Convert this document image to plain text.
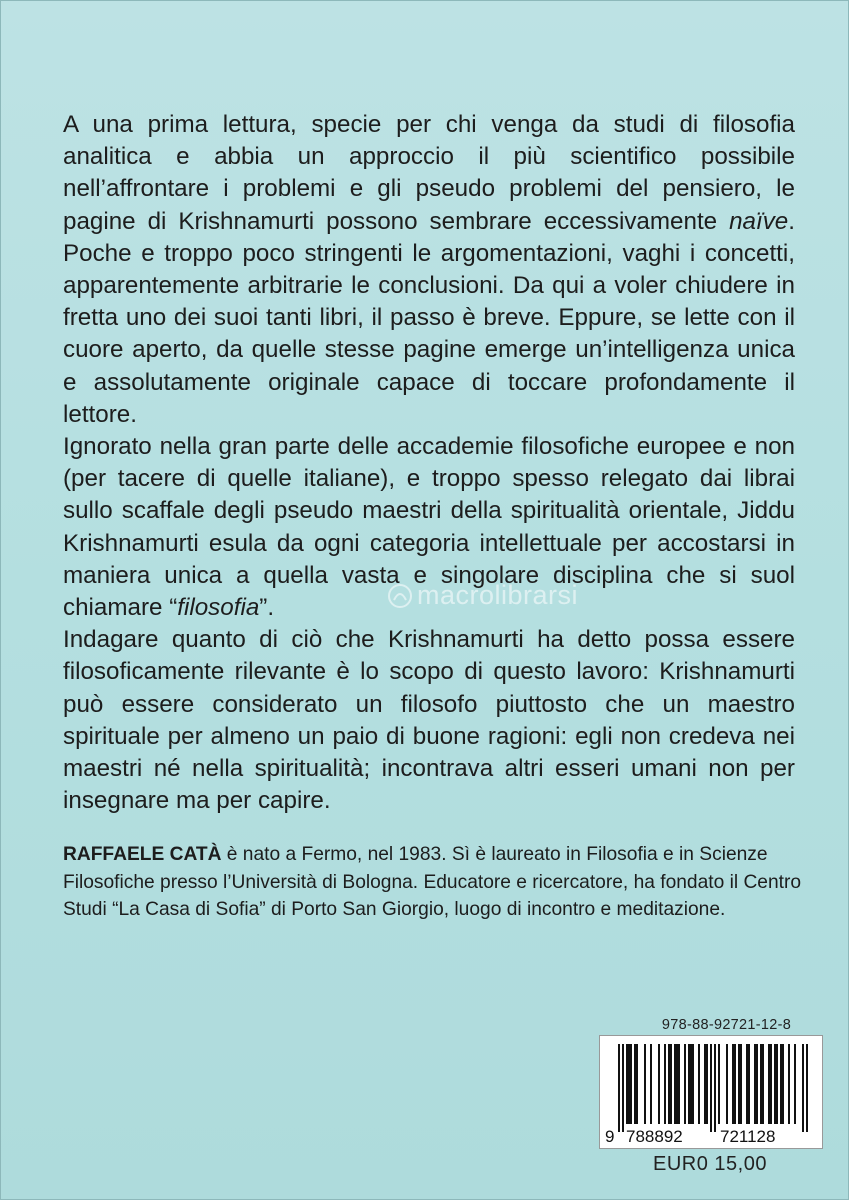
A una prima lettura, specie per chi venga da studi di filosofia analitica e abbia un approccio il più scientifico possibile nell’affrontare i problemi e gli pseudo problemi del pensiero, le pagine di Krishnamurti possono sembrare eccessivamente naïve. Poche e troppo poco stringenti le argomentazioni, vaghi i concetti, apparentemente arbitrarie le conclusioni. Da qui a voler chiudere in fretta uno dei suoi tanti libri, il passo è breve. Eppure, se lette con il cuore aperto, da quelle stesse pagine emerge un’intelligenza unica e assolutamente originale capace di toccare profondamente il lettore.

Ignorato nella gran parte delle accademie filosofiche europee e non (per tacere di quelle italiane), e troppo spesso relegato dai librai sullo scaffale degli pseudo maestri della spiritualità orientale, Jiddu Krishnamurti esula da ogni categoria intellettuale per accostarsi in maniera unica a quella vasta e singolare disciplina che si suol chiamare “filosofia”.

Indagare quanto di ciò che Krishnamurti ha detto possa essere filosoficamente rilevante è lo scopo di questo lavoro: Krishnamurti può essere considerato un filosofo piuttosto che un maestro spirituale per almeno un paio di buone ragioni: egli non credeva nei maestri né nella spiritualità; incontrava altri esseri umani non per insegnare ma per capire.

macrolibrarsi
RAFFAELE CATÀ è nato a Fermo, nel 1983. Sì è laureato in Filosofia e in Scienze Filosofiche presso l’Università di Bologna. Educatore e ricercatore, ha fondato il Centro Studi “La Casa di Sofia” di Porto San Giorgio, luogo di incontro e meditazione.
978-88-92721-12-8
9 788892 721128
EUR0 15,00
